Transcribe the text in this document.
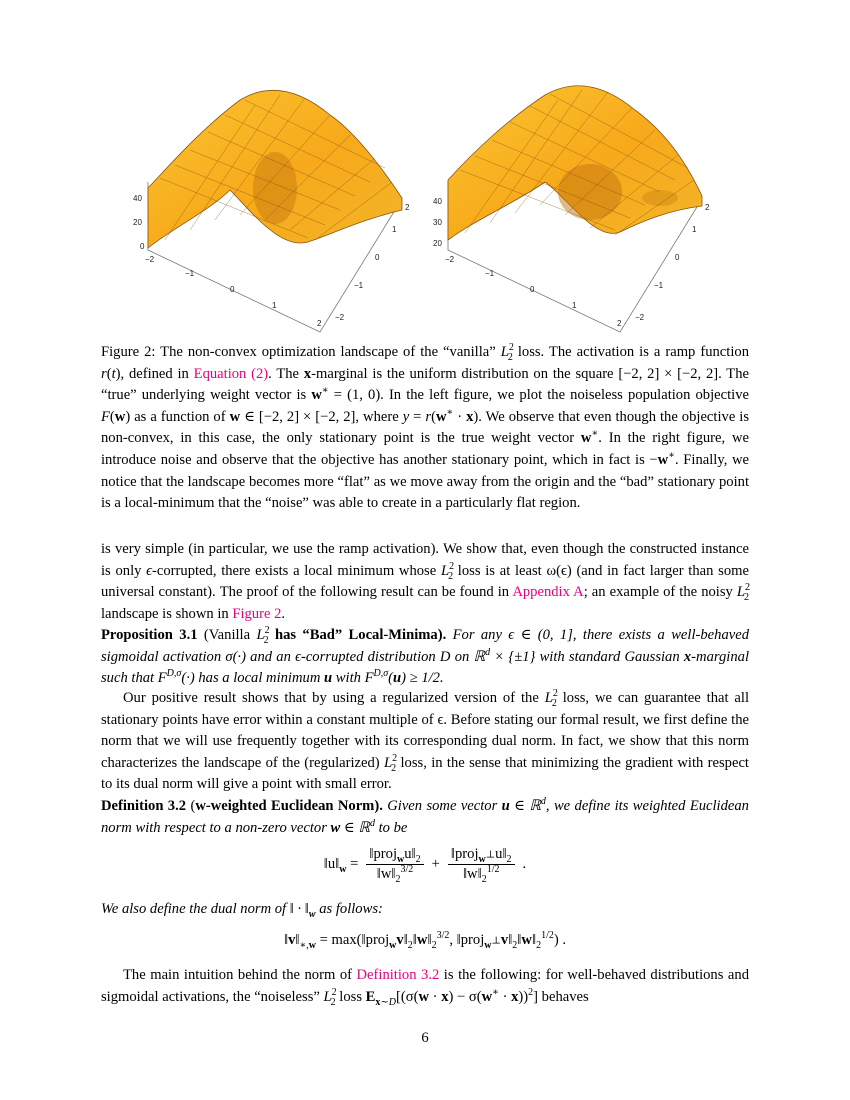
40
20
0
−2
−1
0
1
2
2
1
0
−1
−2
40
30
20
−2
−1
0
1
2
2
1
0
−1
−2
Figure 2: The non-convex optimization landscape of the “vanilla” $L^2_2$ loss. The activation is a ramp function r(t), defined in Equation (2). The x-marginal is the uniform distribution on the square [−2, 2] × [−2, 2]. The “true” underlying weight vector is w∗ = (1, 0). In the left figure, we plot the noiseless population objective F(w) as a function of w ∈ [−2, 2] × [−2, 2], where y = r(w∗ · x). We observe that even though the objective is non-convex, in this case, the only stationary point is the true weight vector w∗. In the right figure, we introduce noise and observe that the objective has another stationary point, which in fact is −w∗. Finally, we notice that the landscape becomes more “flat” as we move away from the origin and the “bad” stationary point is a local-minimum that the “noise” was able to create in a particularly flat region.
is very simple (in particular, we use the ramp activation). We show that, even though the constructed instance is only ϵ-corrupted, there exists a local minimum whose $L^2_2$ loss is at least ω(ϵ) (and in fact larger than some universal constant). The proof of the following result can be found in Appendix A; an example of the noisy $L^2_2$ landscape is shown in Figure 2.
Proposition 3.1 (Vanilla $L^2_2$ has “Bad” Local-Minima). For any ϵ ∈ (0, 1], there exists a well-behaved sigmoidal activation σ(·) and an ϵ-corrupted distribution D on ℝ$^d$ × {±1} with standard Gaussian x-marginal such that $F^{D,\sigma}(\cdot)$ has a local minimum u with $F^{D,\sigma}(u) \ge 1/2$.
Our positive result shows that by using a regularized version of the $L^2_2$ loss, we can guarantee that all stationary points have error within a constant multiple of ϵ. Before stating our formal result, we first define the norm that we will use frequently together with its corresponding dual norm. In fact, we show that this norm characterizes the landscape of the (regularized) $L^2_2$ loss, in the sense that minimizing the gradient with respect to its dual norm will give a point with small error.
Definition 3.2 (w-weighted Euclidean Norm). Given some vector u ∈ ℝ$^d$, we define its weighted Euclidean norm with respect to a non-zero vector w ∈ ℝ$^d$ to be
$‖u‖_w = \frac{‖proj_wu‖_2}{‖w‖_2^{3/2}} + \frac{‖proj_{w^\perp}u‖_2}{‖w‖_2^{1/2}}$ .
We also define the dual norm of ‖ · $‖_w$ as follows:
$‖v‖_{∗,w}$ = $\max(‖proj_wv‖_2‖w‖_2^{3/2}$, $‖proj_{w^\perp}v‖_2‖w‖_2^{1/2}$) .
The main intuition behind the norm of Definition 3.2 is the following: for well-behaved distributions and sigmoidal activations, the “noiseless” $L^2_2$ loss $E_{x\sim D}[(\sigma(w \cdot x) - \sigma(w^∗ \cdot x))^2]$ behaves
6
